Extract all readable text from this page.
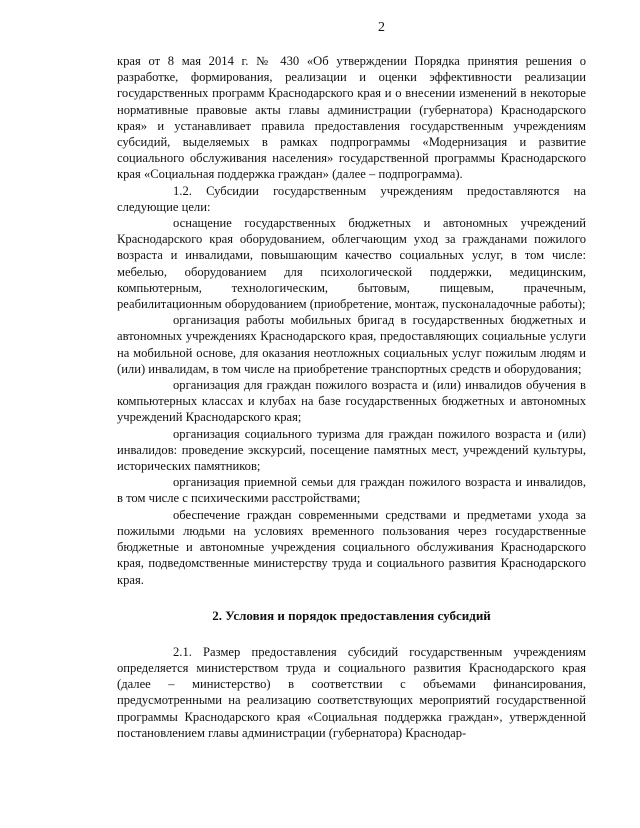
2

края от 8 мая 2014 г. № 430 «Об утверждении Порядка принятия решения о разработке, формирования, реализации и оценки эффективности реализации государственных программ Краснодарского края и о внесении изменений в некоторые нормативные правовые акты главы администрации (губернатора) Краснодарского края» и устанавливает правила предоставления государственным учреждениям субсидий, выделяемых в рамках подпрограммы «Модернизация и развитие социального обслуживания населения» государственной программы Краснодарского края «Социальная поддержка граждан» (далее – подпрограмма).

1.2. Субсидии государственным учреждениям предоставляются на следующие цели:

оснащение государственных бюджетных и автономных учреждений Краснодарского края оборудованием, облегчающим уход за гражданами пожилого возраста и инвалидами, повышающим качество социальных услуг, в том числе: мебелью, оборудованием для психологической поддержки, медицинским, компьютерным, технологическим, бытовым, пищевым, прачечным, реабилитационным оборудованием (приобретение, монтаж, пусконаладочные работы);

организация работы мобильных бригад в государственных бюджетных и автономных учреждениях Краснодарского края, предоставляющих социальные услуги на мобильной основе, для оказания неотложных социальных услуг пожилым людям и (или) инвалидам, в том числе на приобретение транспортных средств и оборудования;

организация для граждан пожилого возраста и (или) инвалидов обучения в компьютерных классах и клубах на базе государственных бюджетных и автономных учреждений Краснодарского края;

организация социального туризма для граждан пожилого возраста и (или) инвалидов: проведение экскурсий, посещение памятных мест, учреждений культуры, исторических памятников;

организация приемной семьи для граждан пожилого возраста и инвалидов, в том числе с психическими расстройствами;

обеспечение граждан современными средствами и предметами ухода за пожилыми людьми на условиях временного пользования через государственные бюджетные и автономные учреждения социального обслуживания Краснодарского края, подведомственные министерству труда и социального развития Краснодарского края.

2. Условия и порядок предоставления субсидий

2.1. Размер предоставления субсидий государственным учреждениям определяется министерством труда и социального развития Краснодарского края (далее – министерство) в соответствии с объемами финансирования, предусмотренными на реализацию соответствующих мероприятий государственной программы Краснодарского края «Социальная поддержка граждан», утвержденной постановлением главы администрации (губернатора) Краснодар-
